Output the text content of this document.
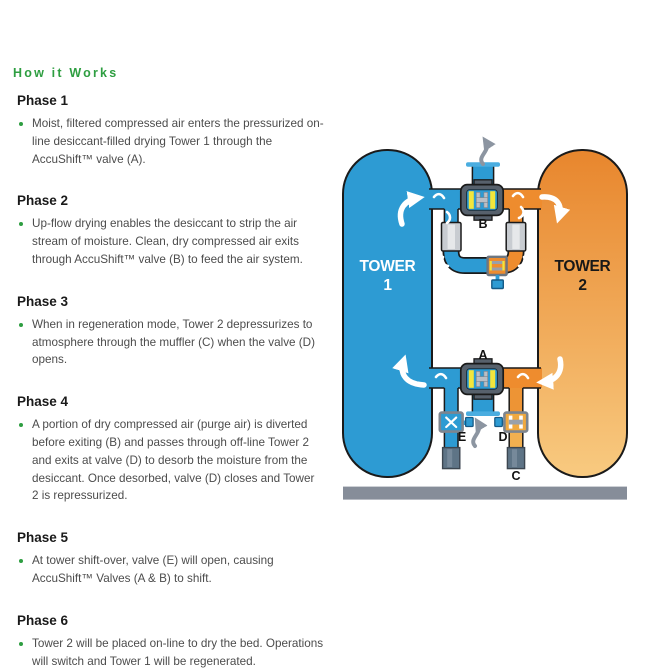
How it Works
Phase 1
Moist, filtered compressed air enters the pressurized on-line desiccant-filled drying Tower 1 through the AccuShift™ valve (A).
Phase 2
Up-flow drying enables the desiccant to strip the air stream of moisture. Clean, dry compressed air exits through AccuShift™ valve (B) to feed the air system.
Phase 3
When in regeneration mode, Tower 2 depressurizes to atmosphere through the muffler (C) when the valve (D) opens.
Phase 4
A portion of dry compressed air (purge air) is diverted before exiting (B) and passes through off-line Tower 2 and exits at valve (D) to desorb the moisture from the desiccant. Once desorbed, valve (D) closes and Tower 2 is repressurized.
Phase 5
At tower shift-over, valve (E) will open, causing AccuShift™ Valves (A & B) to shift.
Phase 6
Tower 2 will be placed on-line to dry the bed. Operations will switch and Tower 1 will be regenerated.
TOWER
1
TOWER
2
A
B
C
D
E
